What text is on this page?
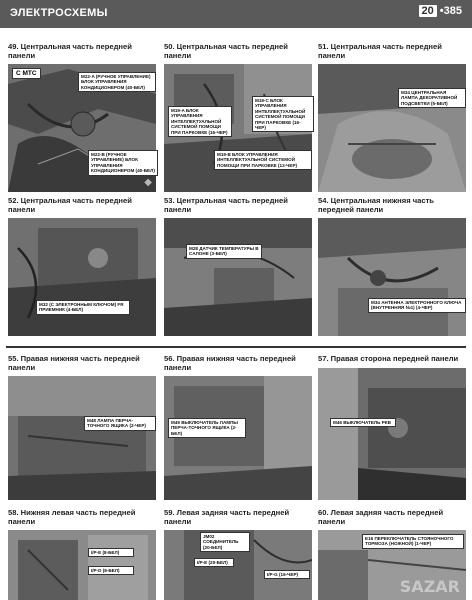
ЭЛЕКТРОСХЕМЫ	20 •385
49. Центральная часть передней панели
С МТС	M22-A (РУЧНОЕ УПРАВЛЕНИЕ) БЛОК УПРАВЛЕНИЯ КОНДИЦИОНЕРОМ (40-БЕЛ)
M22-B (РУЧНОЕ УПРАВЛЕНИЕ) БЛОК УПРАВЛЕНИЯ КОНДИЦИОНЕРОМ (40-БЕЛ)
◆
50. Центральная часть передней панели
M19-A БЛОК УПРАВЛЕНИЯ ИНТЕЛЛЕКТУАЛЬНОЙ СИСТЕМОЙ ПОМОЩИ ПРИ ПАРКОВКЕ (16-ЧЕР)
M19-C БЛОК УПРАВЛЕНИЯ ИНТЕЛЛЕКТУАЛЬНОЙ СИСТЕМОЙ ПОМОЩИ ПРИ ПАРКОВКЕ (16-ЧЕР)
M19-B БЛОК УПРАВЛЕНИЯ ИНТЕЛЛЕКТУАЛЬНОЙ СИСТЕМОЙ ПОМОЩИ ПРИ ПАРКОВКЕ (12-ЧЕР)
51. Центральная часть передней панели
M34 ЦЕНТРАЛЬНАЯ ЛАМПА ДЕКОРАТИВНОЙ ПОДСВЕТКИ (5-БЕЛ)
52. Центральная часть передней панели
M32 (С ЭЛЕКТРОННЫМ КЛЮЧОМ) FR ПРИЕМНИК (4-БЕЛ)
53. Центральная часть передней панели
M28 ДАТЧИК ТЕМПЕРАТУРЫ В САЛОНЕ (3-БЕЛ)
54. Центральная нижняя часть передней панели
M34 АНТЕННА ЭЛЕКТРОННОГО КЛЮЧА (ВНУТРЕННЯЯ №1) (4-ЧЕР)
55. Правая нижняя часть передней панели
M48 ЛАМПА ПЕРЧА-ТОЧНОГО ЯЩИКА (2-ЧЕР)
56. Правая нижняя часть передней панели
M49 ВЫКЛЮЧАТЕЛЬ ЛАМПЫ ПЕРЧА-ТОЧНОГО ЯЩИКА (2-БЕЛ)
57. Правая сторона передней панели
M46 ВЫКЛЮЧАТЕЛЬ РКВ
58. Нижняя левая часть передней панели
I/P-E (8-БЕЛ)
I/P-D (8-БЕЛ)
59. Левая задняя часть передней панели
JM02 СОЕДИНИТЕЛЬ (20-БЕЛ)
I/P-E (20-БЕЛ)
I/P-G (16-ЧЕР)
60. Левая задняя часть передней панели
E16 ПЕРЕКЛЮЧАТЕЛЬ СТОЯНОЧНОГО ТОРМОЗА (НОЖНОЙ) (1-ЧЕР)
SAZAR
